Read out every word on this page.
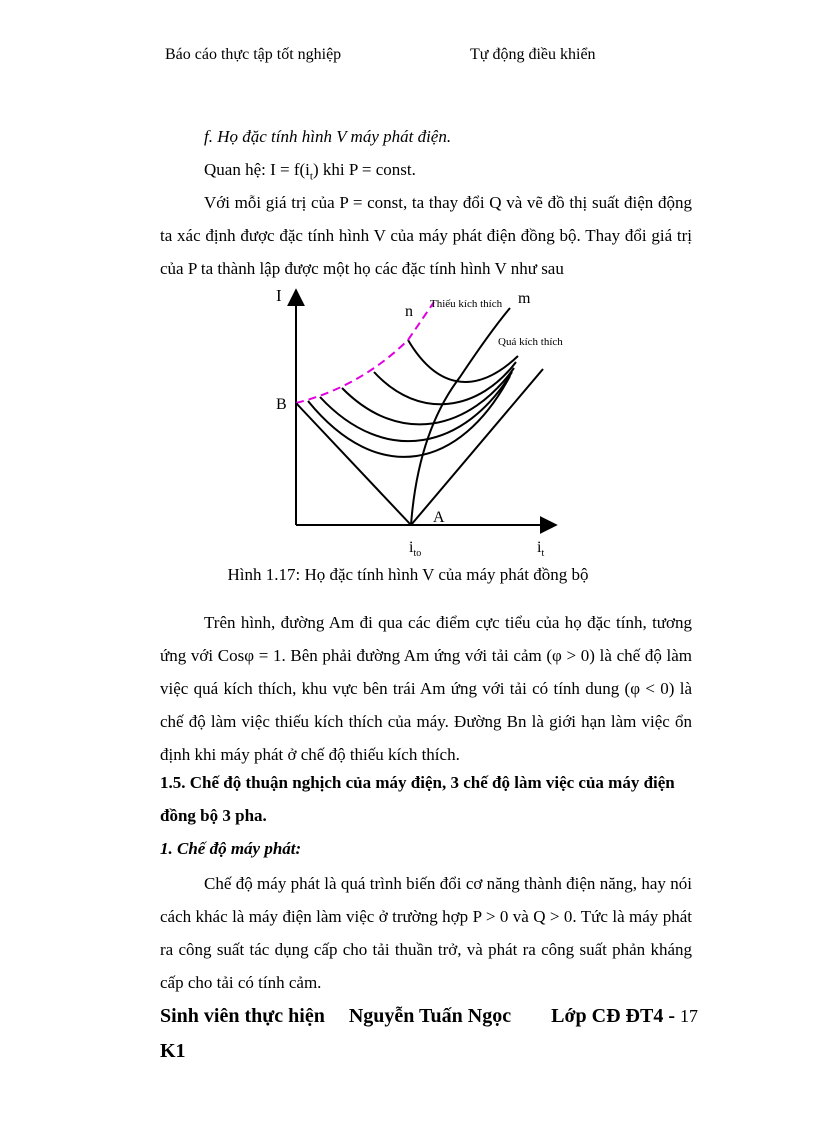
Báo cáo thực tập tốt nghiệp	Tự động điều khiển
f. Họ đặc tính hình V máy phát điện.
Quan hệ: $I = f(i_t)$ khi P = const.
Với mỗi giá trị của P = const, ta thay đổi Q và vẽ đồ thị suất điện động ta xác định được đặc tính hình V của máy phát điện đồng bộ. Thay đổi giá trị của P ta thành lập được một họ các đặc tính hình V như sau
I
B
n
m
A
Thiếu kích thích
Quá kích thích
$i_{to}$	$i_t$
Hình 1.17: Họ đặc tính hình V của máy phát đồng bộ
Trên hình, đường Am đi qua các điểm cực tiểu của họ đặc tính, tương ứng với Cosφ = 1. Bên phải đường Am ứng với tải cảm (φ > 0) là chế độ làm việc quá kích thích, khu vực bên trái Am ứng với tải có tính dung (φ < 0) là chế độ làm việc thiếu kích thích của máy. Đường Bn là giới hạn làm việc ổn định khi máy phát ở chế độ thiếu kích thích.
1.5. Chế độ thuận nghịch của máy điện, 3 chế độ làm việc của máy điện
đồng bộ 3 pha.
1. Chế độ máy phát:
Chế độ máy phát là quá trình biến đổi cơ năng thành điện năng, hay nói cách khác là máy điện làm việc ở trường hợp P > 0 và Q > 0. Tức là máy phát ra công suất tác dụng cấp cho tải thuần trở, và phát ra công suất phản kháng cấp cho tải có tính cảm.
Sinh viên thực hiện Nguyễn Tuấn Ngọc Lớp CĐ ĐT4 - 17
K1
